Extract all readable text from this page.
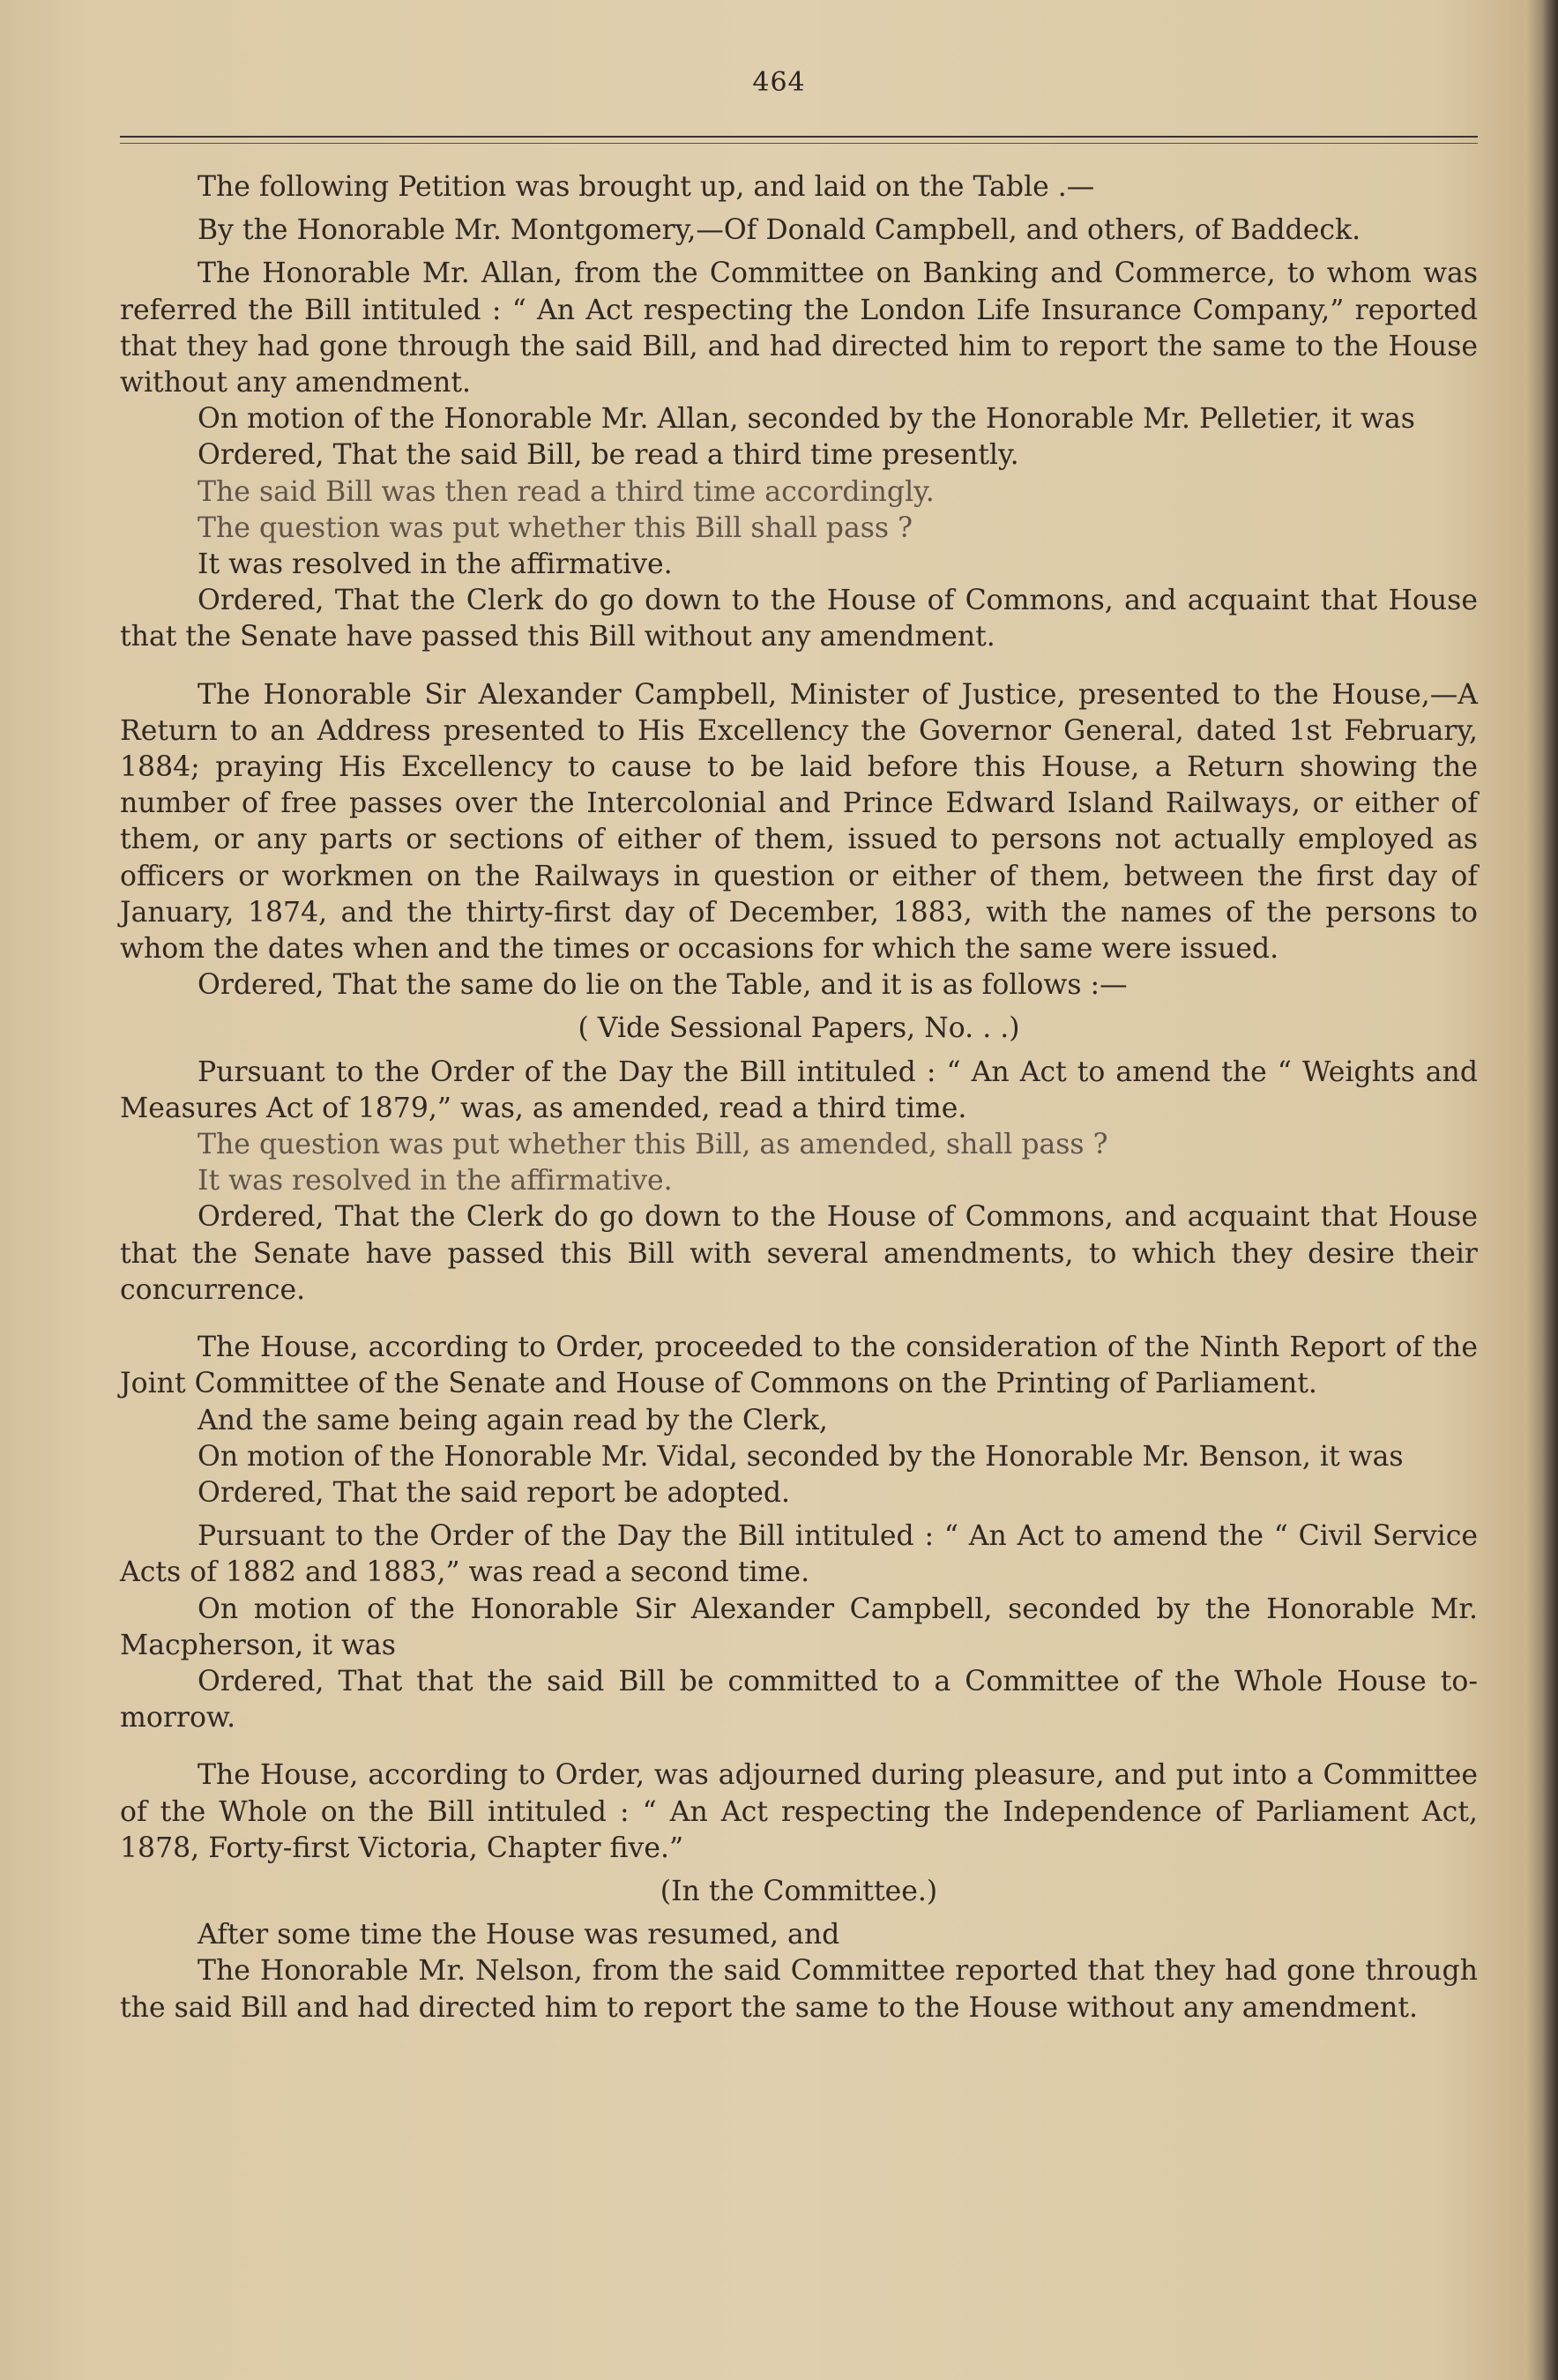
464

The following Petition was brought up, and laid on the Table .—

By the Honorable Mr. Montgomery,—Of Donald Campbell, and others, of Baddeck.

The Honorable Mr. Allan, from the Committee on Banking and Commerce, to whom was referred the Bill intituled : “ An Act respecting the London Life Insurance Company,” reported that they had gone through the said Bill, and had directed him to report the same to the House without any amendment.

On motion of the Honorable Mr. Allan, seconded by the Honorable Mr. Pelletier, it was

Ordered, That the said Bill, be read a third time presently.

The said Bill was then read a third time accordingly.

The question was put whether this Bill shall pass ?

It was resolved in the affirmative.

Ordered, That the Clerk do go down to the House of Commons, and acquaint that House that the Senate have passed this Bill without any amendment.

The Honorable Sir Alexander Campbell, Minister of Justice, presented to the House,—A Return to an Address presented to His Excellency the Governor General, dated 1st February, 1884; praying His Excellency to cause to be laid before this House, a Return showing the number of free passes over the Intercolonial and Prince Edward Island Railways, or either of them, or any parts or sections of either of them, issued to persons not actually employed as officers or workmen on the Railways in question or either of them, between the first day of January, 1874, and the thirty-first day of December, 1883, with the names of the persons to whom the dates when and the times or occasions for which the same were issued.

Ordered, That the same do lie on the Table, and it is as follows :—

( Vide Sessional Papers, No. . .)

Pursuant to the Order of the Day the Bill intituled : “ An Act to amend the “ Weights and Measures Act of 1879,” was, as amended, read a third time.

The question was put whether this Bill, as amended, shall pass ?

It was resolved in the affirmative.

Ordered, That the Clerk do go down to the House of Commons, and acquaint that House that the Senate have passed this Bill with several amendments, to which they desire their concurrence.

The House, according to Order, proceeded to the consideration of the Ninth Report of the Joint Committee of the Senate and House of Commons on the Printing of Parliament.

And the same being again read by the Clerk,

On motion of the Honorable Mr. Vidal, seconded by the Honorable Mr. Benson, it was

Ordered, That the said report be adopted.

Pursuant to the Order of the Day the Bill intituled : “ An Act to amend the “ Civil Service Acts of 1882 and 1883,” was read a second time.

On motion of the Honorable Sir Alexander Campbell, seconded by the Honorable Mr. Macpherson, it was

Ordered, That that the said Bill be committed to a Committee of the Whole House to-morrow.

The House, according to Order, was adjourned during pleasure, and put into a Committee of the Whole on the Bill intituled : “ An Act respecting the Independence of Parliament Act, 1878, Forty-first Victoria, Chapter five.”

(In the Committee.)

After some time the House was resumed, and

The Honorable Mr. Nelson, from the said Committee reported that they had gone through the said Bill and had directed him to report the same to the House without any amendment.
